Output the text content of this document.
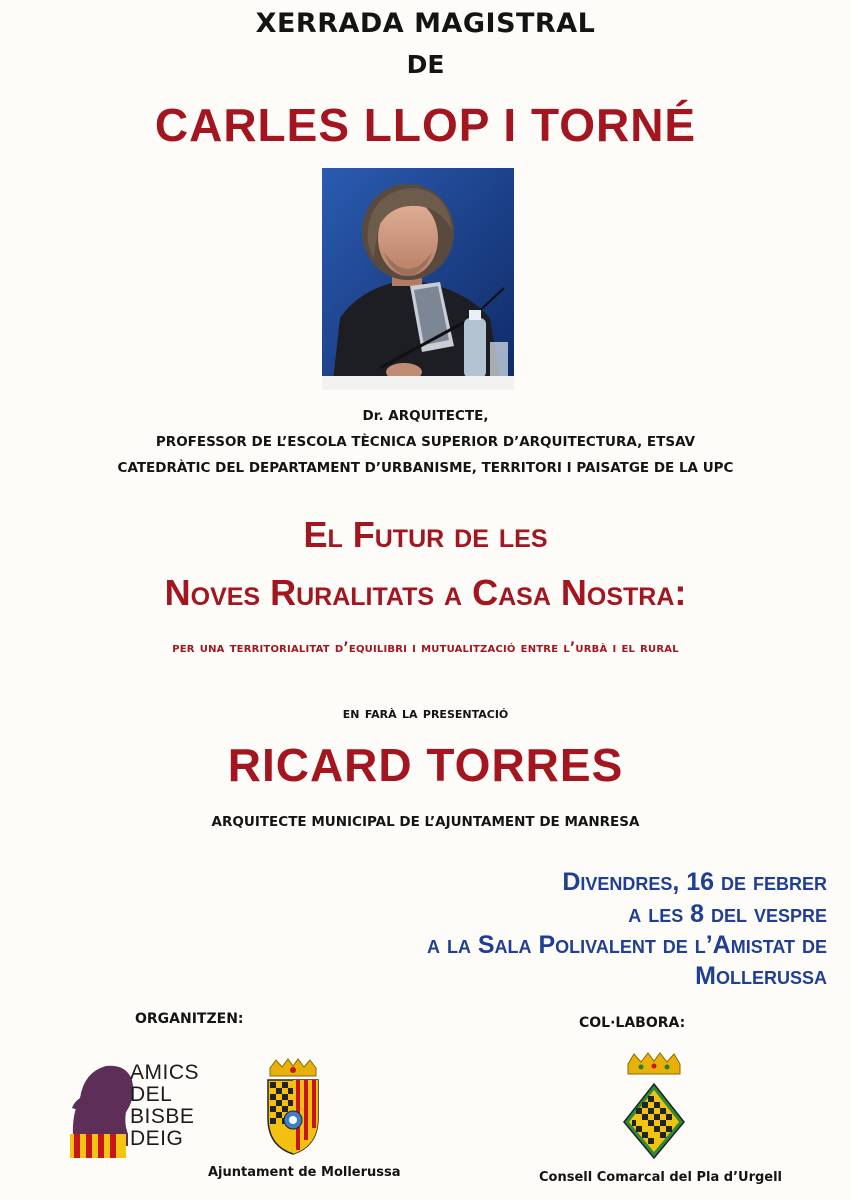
XERRADA MAGISTRAL
DE
CARLES LLOP I TORNÉ
Dr. ARQUITECTE,
PROFESSOR DE L’ESCOLA TÈCNICA SUPERIOR D’ARQUITECTURA, ETSAV
CATEDRÀTIC DEL DEPARTAMENT D’URBANISME, TERRITORI I PAISATGE DE LA UPC
El Futur de les
Noves Ruralitats a Casa Nostra:
per una territorialitat d’equilibri i mutualització entre l’urbà i el rural
en farà la presentació
RICARD TORRES
ARQUITECTE MUNICIPAL DE L’AJUNTAMENT DE MANRESA
Divendres, 16 de febrer
a les 8 del vespre
a la Sala Polivalent de l’Amistat de
Mollerussa
ORGANITZEN:	COL·LABORA:
AMICS
DEL
BISBE
DEIG
Ajuntament de Mollerussa	Consell Comarcal del Pla d’Urgell
